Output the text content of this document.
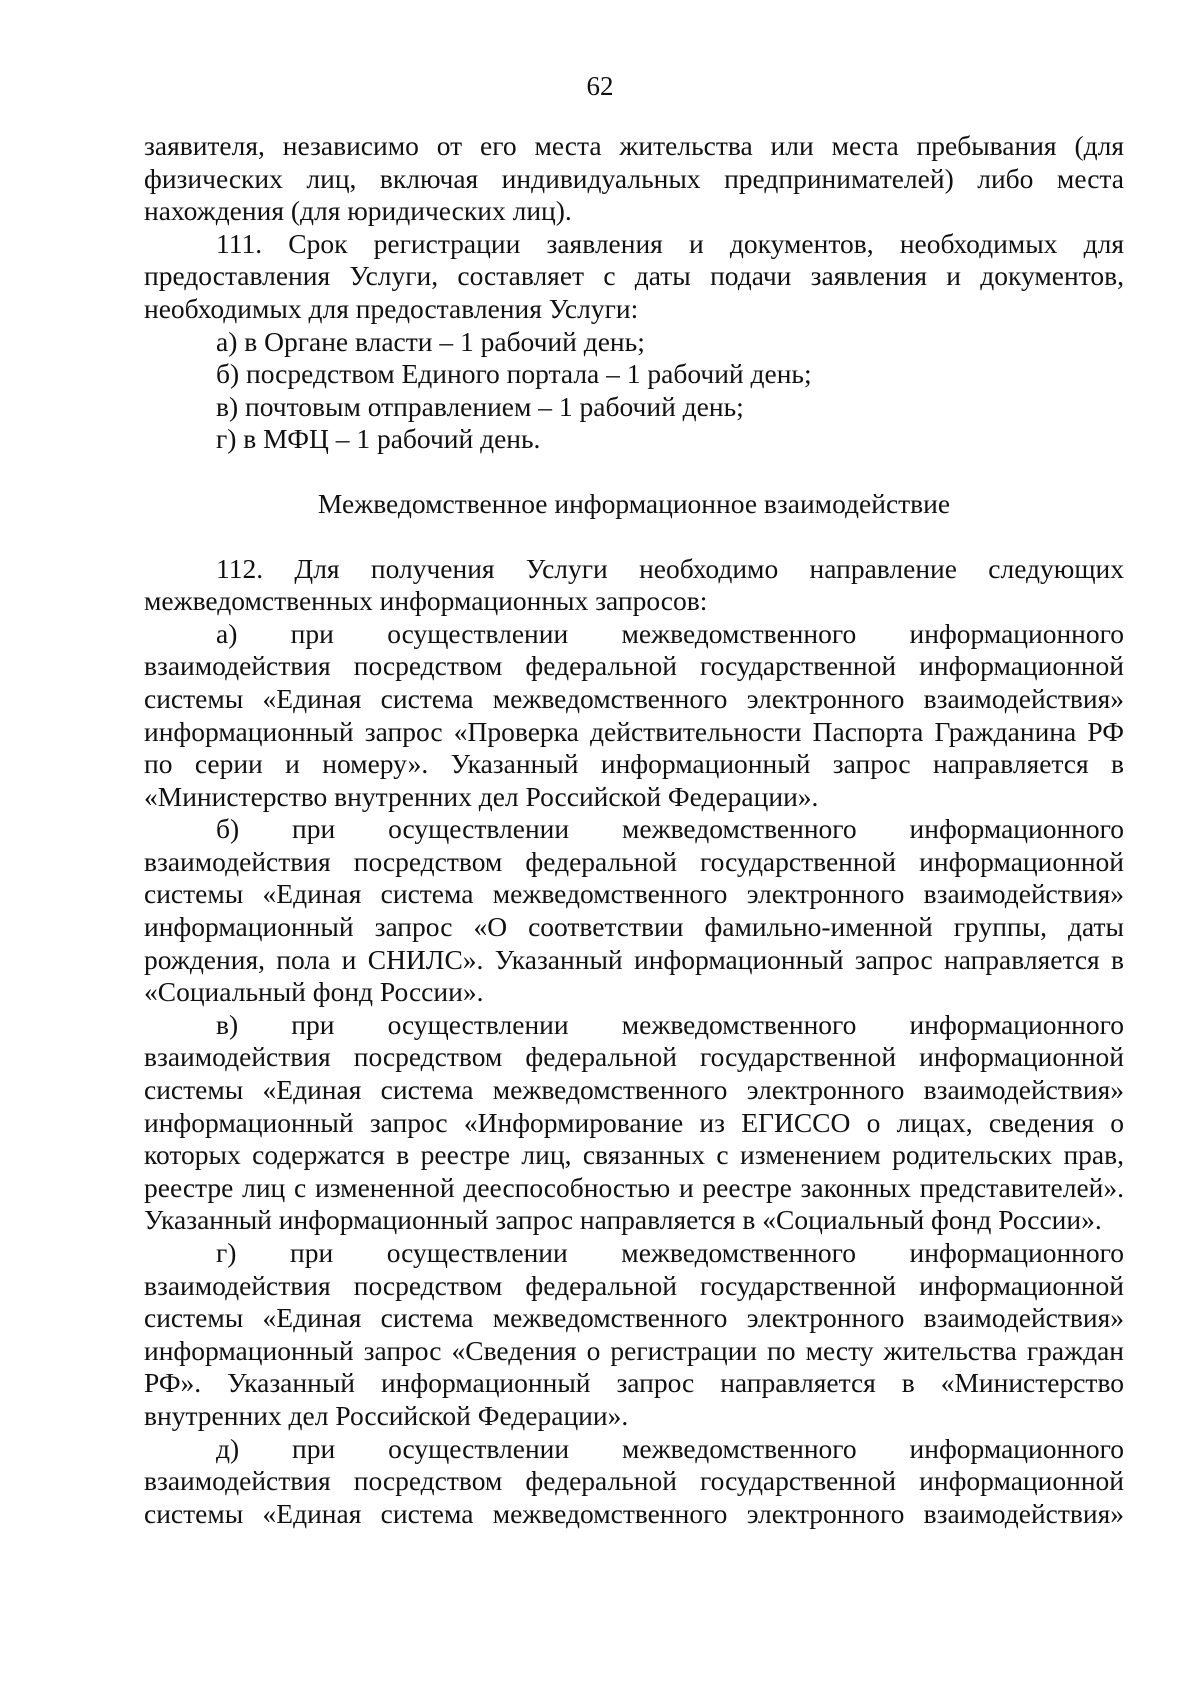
62

заявителя, независимо от его места жительства или места пребывания (для физических лиц, включая индивидуальных предпринимателей) либо места нахождения (для юридических лиц).

111. Срок регистрации заявления и документов, необходимых для предоставления Услуги, составляет с даты подачи заявления и документов, необходимых для предоставления Услуги:

а) в Органе власти – 1 рабочий день;

б) посредством Единого портала – 1 рабочий день;

в) почтовым отправлением – 1 рабочий день;

г) в МФЦ – 1 рабочий день.

Межведомственное информационное взаимодействие

112. Для получения Услуги необходимо направление следующих межведомственных информационных запросов:

а) при осуществлении межведомственного информационного взаимодействия посредством федеральной государственной информационной системы «Единая система межведомственного электронного взаимодействия» информационный запрос «Проверка действительности Паспорта Гражданина РФ по серии и номеру». Указанный информационный запрос направляется в «Министерство внутренних дел Российской Федерации».

б) при осуществлении межведомственного информационного взаимодействия посредством федеральной государственной информационной системы «Единая система межведомственного электронного взаимодействия» информационный запрос «О соответствии фамильно-именной группы, даты рождения, пола и СНИЛС». Указанный информационный запрос направляется в «Социальный фонд России».

в) при осуществлении межведомственного информационного взаимодействия посредством федеральной государственной информационной системы «Единая система межведомственного электронного взаимодействия» информационный запрос «Информирование из ЕГИССО о лицах, сведения о которых содержатся в реестре лиц, связанных с изменением родительских прав, реестре лиц с измененной дееспособностью и реестре законных представителей». Указанный информационный запрос направляется в «Социальный фонд России».

г) при осуществлении межведомственного информационного взаимодействия посредством федеральной государственной информационной системы «Единая система межведомственного электронного взаимодействия» информационный запрос «Сведения о регистрации по месту жительства граждан РФ». Указанный информационный запрос направляется в «Министерство внутренних дел Российской Федерации».

д) при осуществлении межведомственного информационного взаимодействия посредством федеральной государственной информационной системы «Единая система межведомственного электронного взаимодействия»
